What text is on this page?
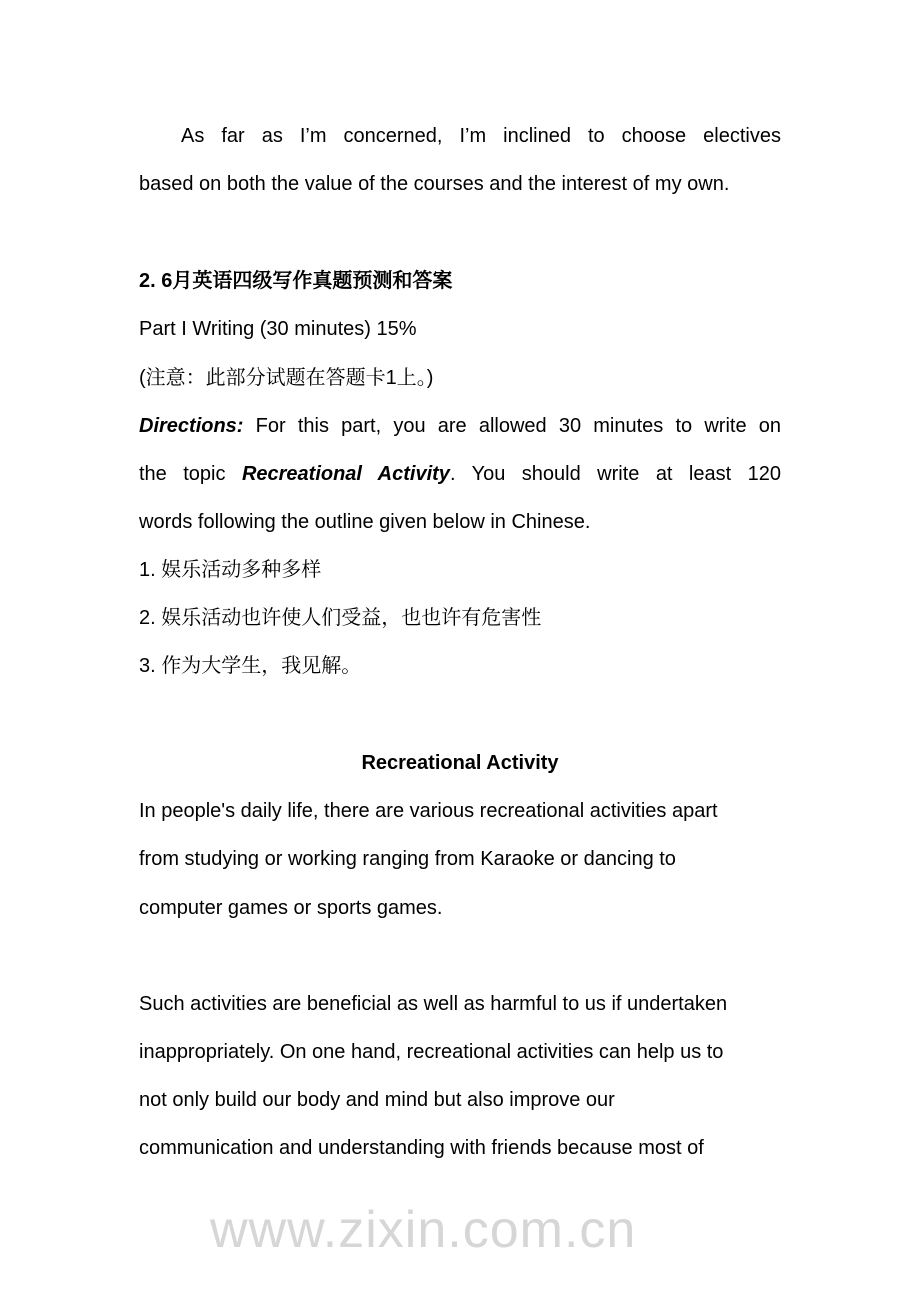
www.zixin.com.cn
As far as I’m concerned, I’m inclined to choose electives
based on both the value of the courses and the interest of my own.
2. 6月英语四级写作真题预测和答案
Part I Writing (30 minutes) 15%
(注意：此部分试题在答题卡1上。)
Directions: For this part, you are allowed 30 minutes to write on
the topic Recreational Activity. You should write at least 120
words following the outline given below in Chinese.
1. 娱乐活动多种多样
2. 娱乐活动也许使人们受益，也也许有危害性
3. 作为大学生，我见解。
Recreational Activity
In people's daily life, there are various recreational activities apart
from studying or working ranging from Karaoke or dancing to
computer games or sports games.
Such activities are beneficial as well as harmful to us if undertaken
inappropriately. On one hand, recreational activities can help us to
not only build our body and mind but also improve our
communication and understanding with friends because most of
